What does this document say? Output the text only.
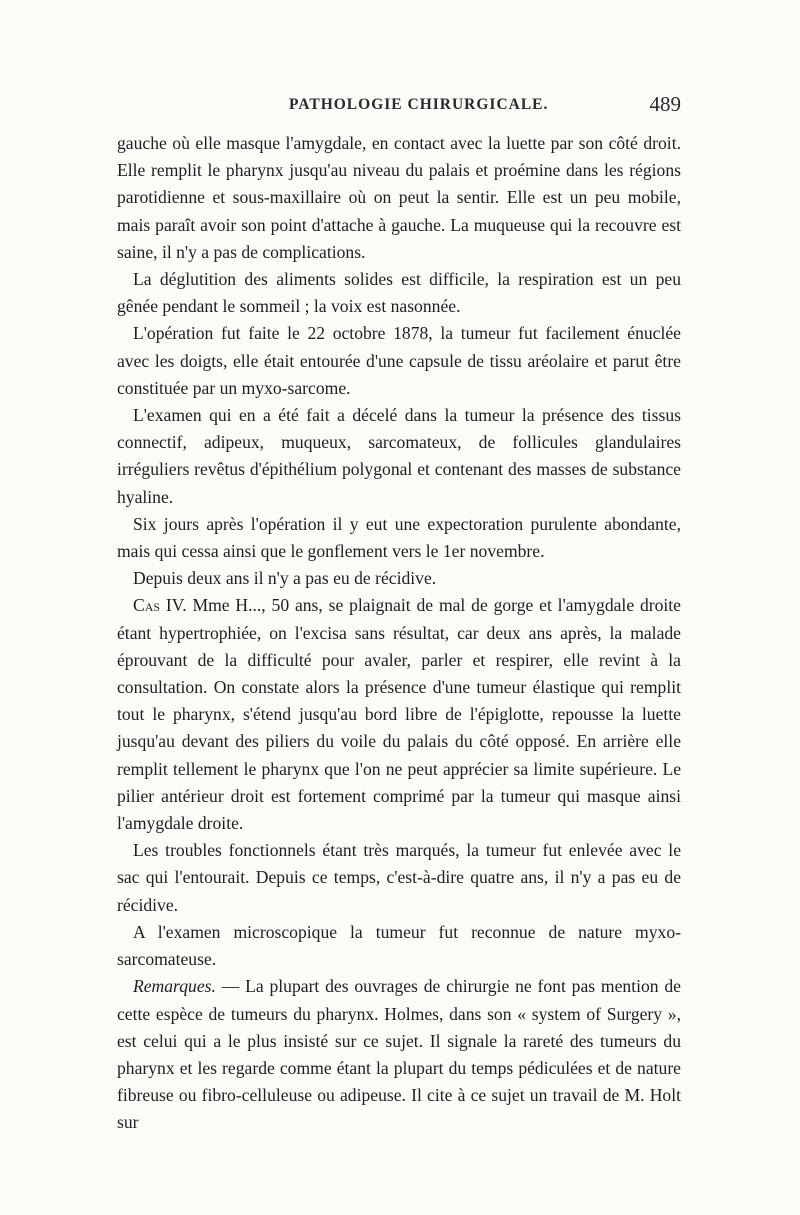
PATHOLOGIE CHIRURGICALE.	489

gauche où elle masque l'amygdale, en contact avec la luette par son côté droit. Elle remplit le pharynx jusqu'au niveau du palais et proémine dans les régions parotidienne et sous-maxillaire où on peut la sentir. Elle est un peu mobile, mais paraît avoir son point d'attache à gauche. La muqueuse qui la recouvre est saine, il n'y a pas de complications.

La déglutition des aliments solides est difficile, la respiration est un peu gênée pendant le sommeil ; la voix est nasonnée.

L'opération fut faite le 22 octobre 1878, la tumeur fut facilement énuclée avec les doigts, elle était entourée d'une capsule de tissu aréolaire et parut être constituée par un myxo-sarcome.

L'examen qui en a été fait a décelé dans la tumeur la présence des tissus connectif, adipeux, muqueux, sarcomateux, de follicules glandulaires irréguliers revêtus d'épithélium polygonal et contenant des masses de substance hyaline.

Six jours après l'opération il y eut une expectoration purulente abondante, mais qui cessa ainsi que le gonflement vers le 1er novembre.

Depuis deux ans il n'y a pas eu de récidive.

Cas IV. Mme H..., 50 ans, se plaignait de mal de gorge et l'amygdale droite étant hypertrophiée, on l'excisa sans résultat, car deux ans après, la malade éprouvant de la difficulté pour avaler, parler et respirer, elle revint à la consultation. On constate alors la présence d'une tumeur élastique qui remplit tout le pharynx, s'étend jusqu'au bord libre de l'épiglotte, repousse la luette jusqu'au devant des piliers du voile du palais du côté opposé. En arrière elle remplit tellement le pharynx que l'on ne peut apprécier sa limite supérieure. Le pilier antérieur droit est fortement comprimé par la tumeur qui masque ainsi l'amygdale droite.

Les troubles fonctionnels étant très marqués, la tumeur fut enlevée avec le sac qui l'entourait. Depuis ce temps, c'est-à-dire quatre ans, il n'y a pas eu de récidive.

A l'examen microscopique la tumeur fut reconnue de nature myxo-sarcomateuse.

Remarques. — La plupart des ouvrages de chirurgie ne font pas mention de cette espèce de tumeurs du pharynx. Holmes, dans son « system of Surgery », est celui qui a le plus insisté sur ce sujet. Il signale la rareté des tumeurs du pharynx et les regarde comme étant la plupart du temps pédiculées et de nature fibreuse ou fibro-celluleuse ou adipeuse. Il cite à ce sujet un travail de M. Holt sur
